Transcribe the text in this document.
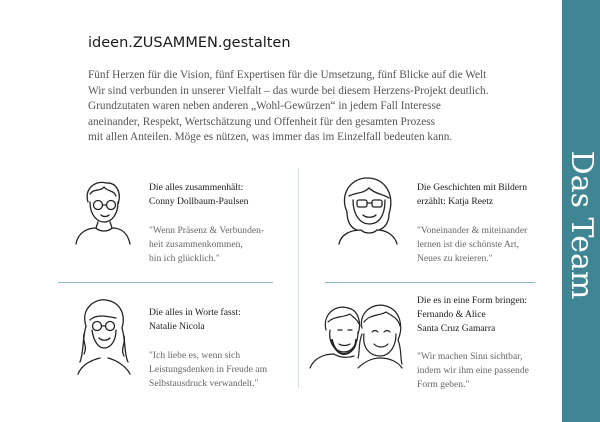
Das Team
ideen.ZUSAMMEN.gestalten
Fünf Herzen für die Vision, fünf Expertisen für die Umsetzung, fünf Blicke auf die Welt
Wir sind verbunden in unserer Vielfalt – das wurde bei diesem Herzens-Projekt deutlich.
Grundzutaten waren neben anderen „Wohl-Gewürzen“ in jedem Fall Interesse
aneinander, Respekt, Wertschätzung und Offenheit für den gesamten Prozess
mit allen Anteilen. Möge es nützen, was immer das im Einzelfall bedeuten kann.
Die alles zusammenhält:
Conny Dollbaum-Paulsen
"Wenn Präsenz & Verbunden-
heit zusammenkommen,
bin ich glücklich."
Die Geschichten mit Bildern
erzählt: Katja Reetz
"Voneinander & miteinander
lernen ist die schönste Art,
Neues zu kreieren."
Die alles in Worte fasst:
Natalie Nicola
"Ich liebe es, wenn sich
Leistungsdenken in Freude am
Selbstausdruck verwandelt."
Die es in eine Form bringen:
Fernando & Alice
Santa Cruz Gamarra
"Wir machen Sinn sichtbar,
indem wir ihm eine passende
Form geben."
